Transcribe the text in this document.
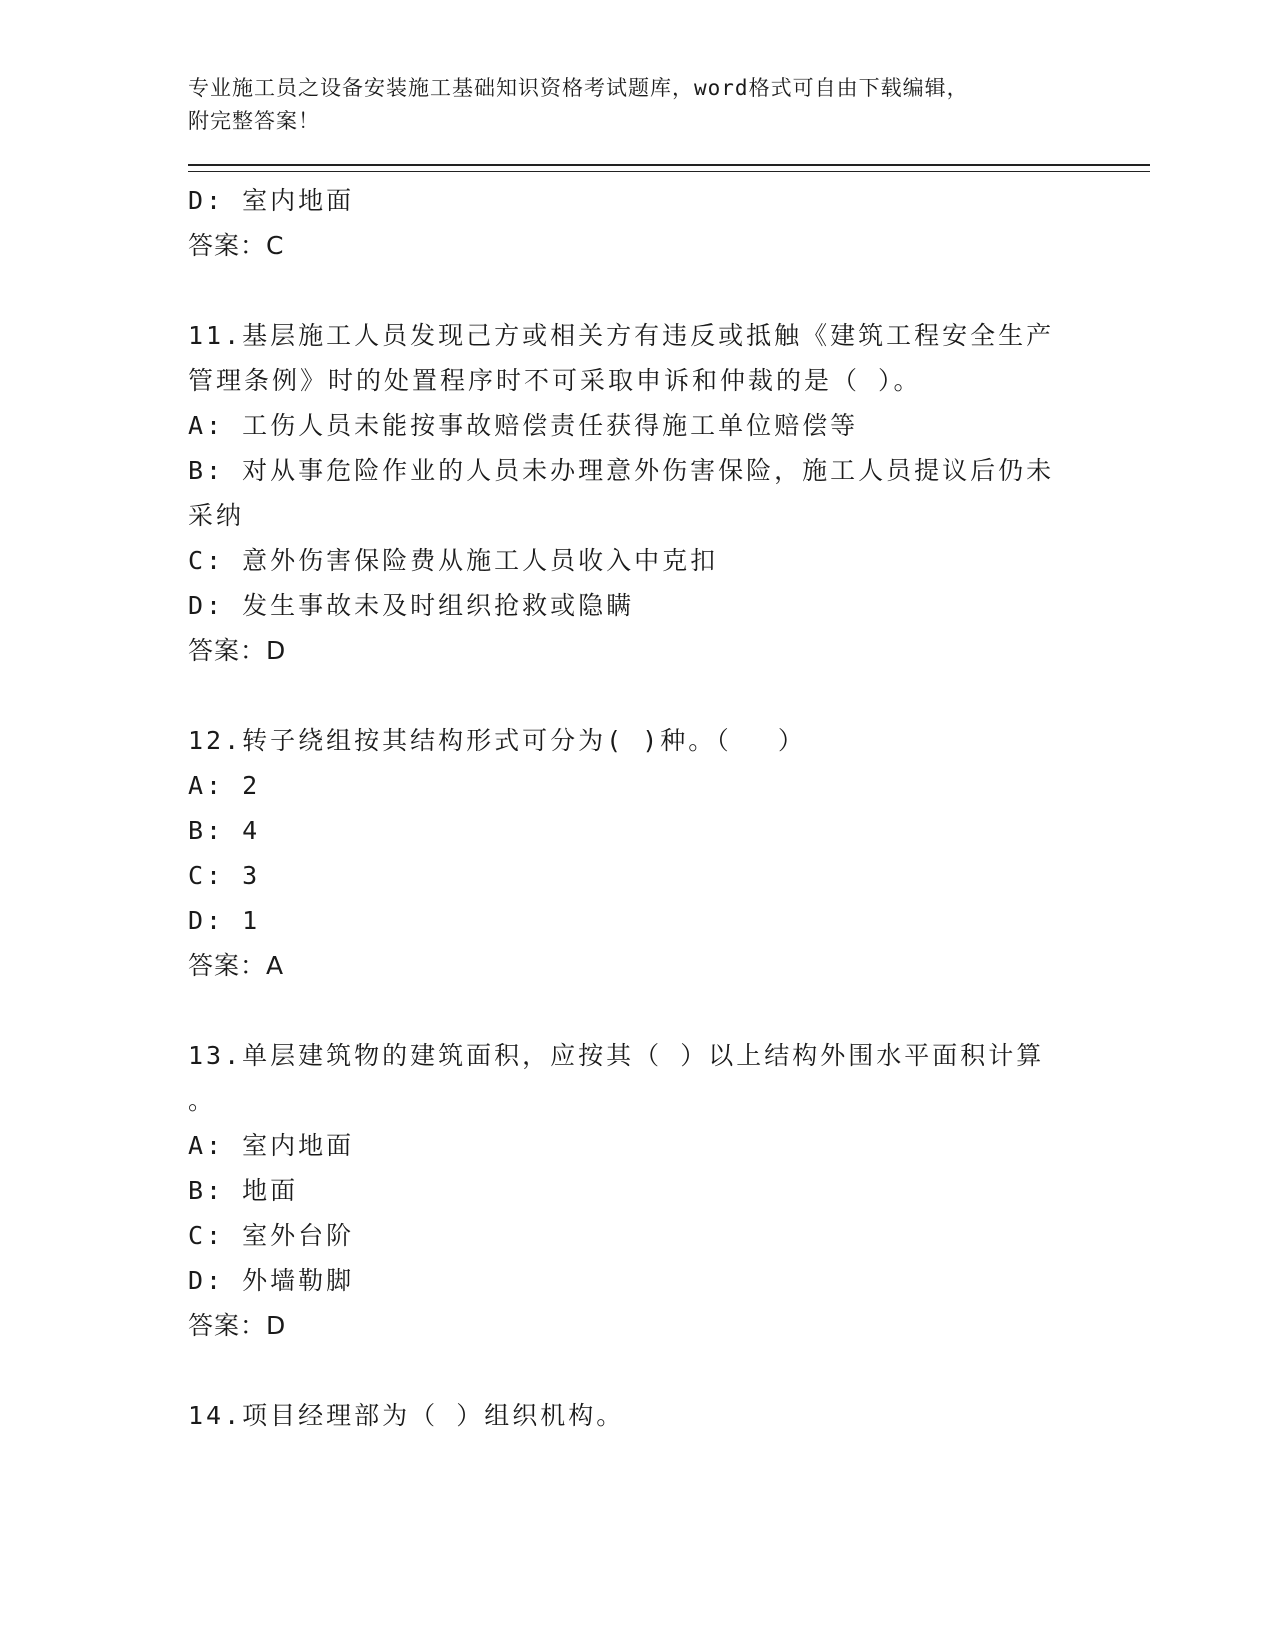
专业施工员之设备安装施工基础知识资格考试题库，word格式可自由下载编辑，

附完整答案！

D: 室内地面
答案：C
11.基层施工人员发现己方或相关方有违反或抵触《建筑工程安全生产
管理条例》时的处置程序时不可采取申诉和仲裁的是（ ）。
A: 工伤人员未能按事故赔偿责任获得施工单位赔偿等
B: 对从事危险作业的人员未办理意外伤害保险，施工人员提议后仍未
采纳
C: 意外伤害保险费从施工人员收入中克扣
D: 发生事故未及时组织抢救或隐瞒
答案：D
12.转子绕组按其结构形式可分为( )种。（　 ）
A: 2
B: 4
C: 3
D: 1
答案：A
13.单层建筑物的建筑面积，应按其（ ）以上结构外围水平面积计算
。
A: 室内地面
B: 地面
C: 室外台阶
D: 外墙勒脚
答案：D
14.项目经理部为（ ）组织机构。
